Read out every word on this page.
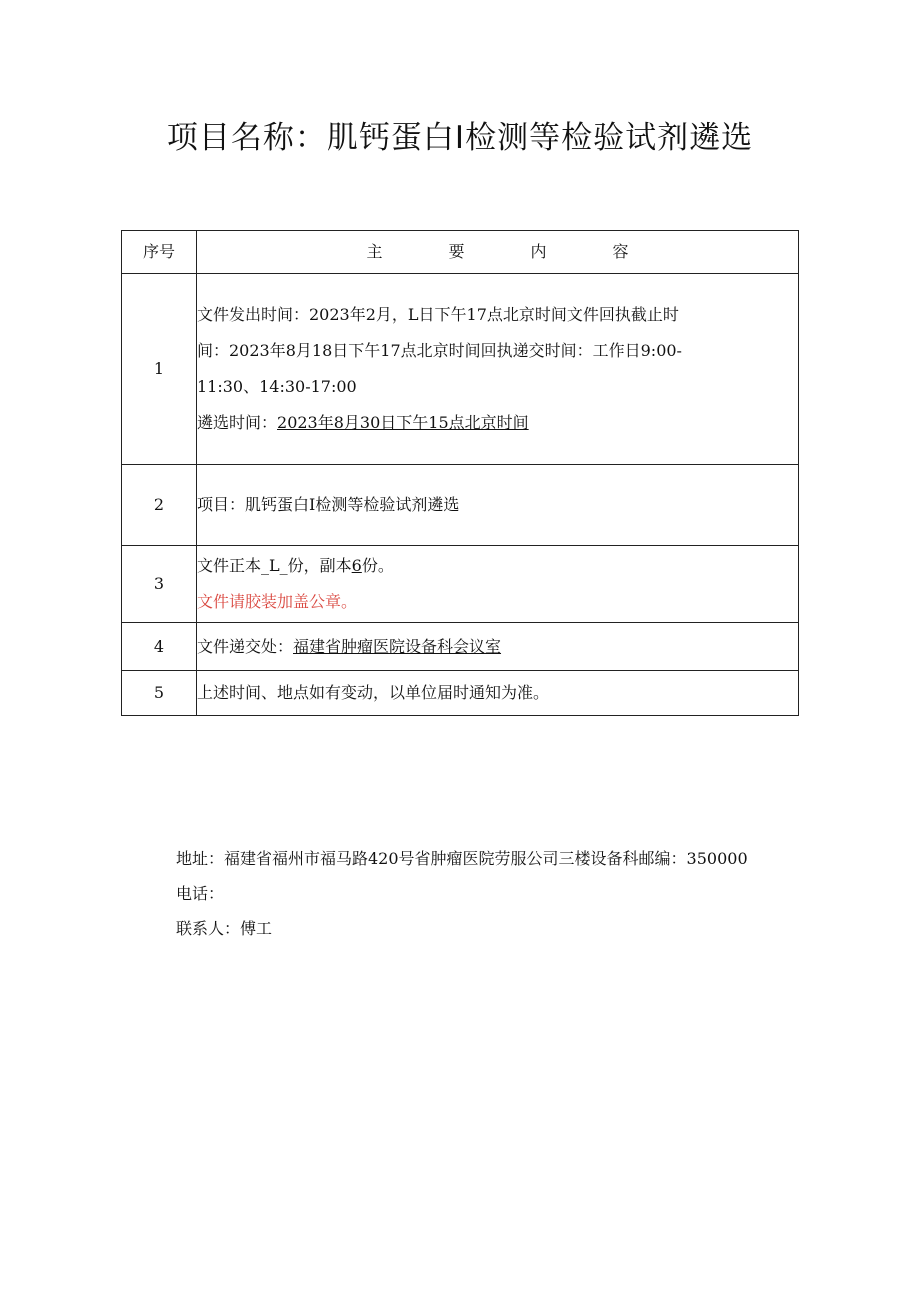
项目名称：肌钙蛋白Ⅰ检测等检验试剂遴选
序号	主 要 内 容

1	文件发出时间：2023年2月，L日下午17点北京时间文件回执截止时
间：2023年8月18日下午17点北京时间回执递交时间：工作日9:00-
11:30、14:30-17:00
遴选时间：2023年8月30日下午15点北京时间

2	项目：肌钙蛋白Ⅰ检测等检验试剂遴选
3	文件正本_L_份，副本6份。
文件请胶装加盖公章。

4	文件递交处：福建省肿瘤医院设备科会议室
5	上述时间、地点如有变动，以单位届时通知为准。
地址：福建省福州市福马路420号省肿瘤医院劳服公司三楼设备科邮编：350000
电话：
联系人：傅工
